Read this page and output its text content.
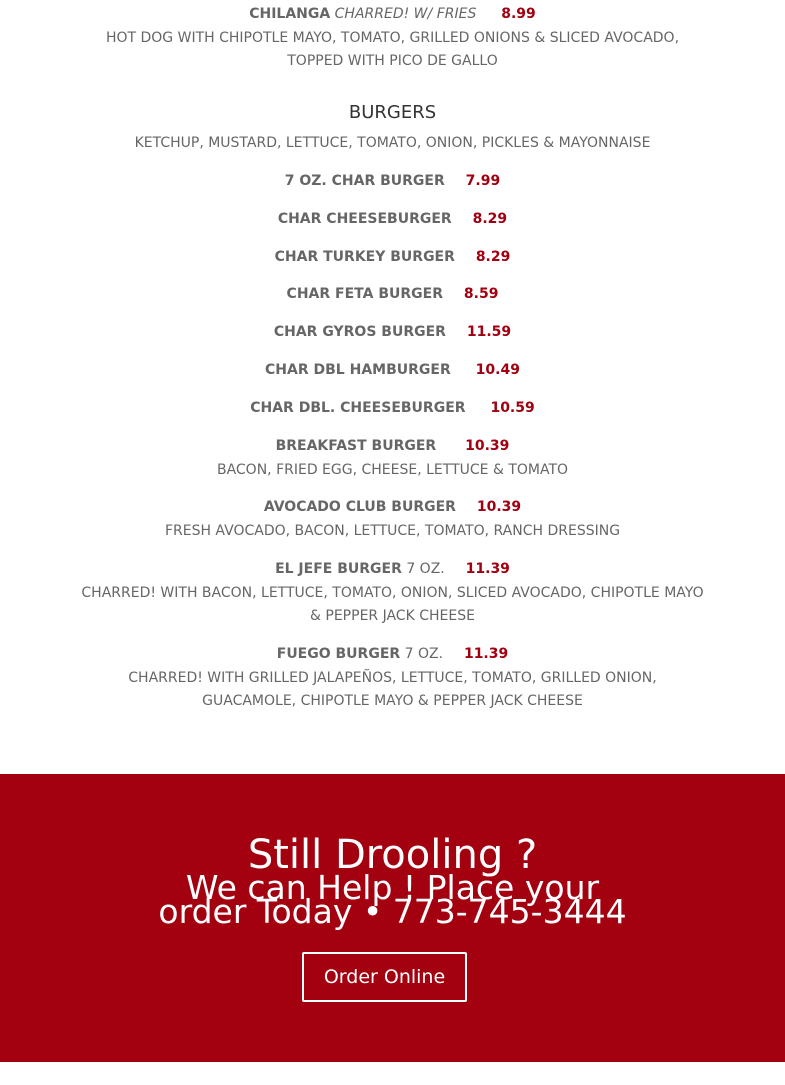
CHILANGA CHARRED! W/ FRIES 8.99
HOT DOG WITH CHIPOTLE MAYO, TOMATO, GRILLED ONIONS & SLICED AVOCADO, TOPPED WITH PICO DE GALLO
BURGERS
KETCHUP, MUSTARD, LETTUCE, TOMATO, ONION, PICKLES & MAYONNAISE
7 OZ. CHAR BURGER 7.99
CHAR CHEESEBURGER 8.29
CHAR TURKEY BURGER 8.29
CHAR FETA BURGER 8.59
CHAR GYROS BURGER 11.59
CHAR DBL HAMBURGER 10.49
CHAR DBL. CHEESEBURGER 10.59
BREAKFAST BURGER 10.39
BACON, FRIED EGG, CHEESE, LETTUCE & TOMATO
AVOCADO CLUB BURGER 10.39
FRESH AVOCADO, BACON, LETTUCE, TOMATO, RANCH DRESSING
EL JEFE BURGER 7 OZ. 11.39
CHARRED! WITH BACON, LETTUCE, TOMATO, ONION, SLICED AVOCADO, CHIPOTLE MAYO & PEPPER JACK CHEESE
FUEGO BURGER 7 OZ. 11.39
CHARRED! WITH GRILLED JALAPEÑOS, LETTUCE, TOMATO, GRILLED ONION, GUACAMOLE, CHIPOTLE MAYO & PEPPER JACK CHEESE
Still Drooling ?
We can Help ! Place your order Today • 773-745-3444
Order Online
